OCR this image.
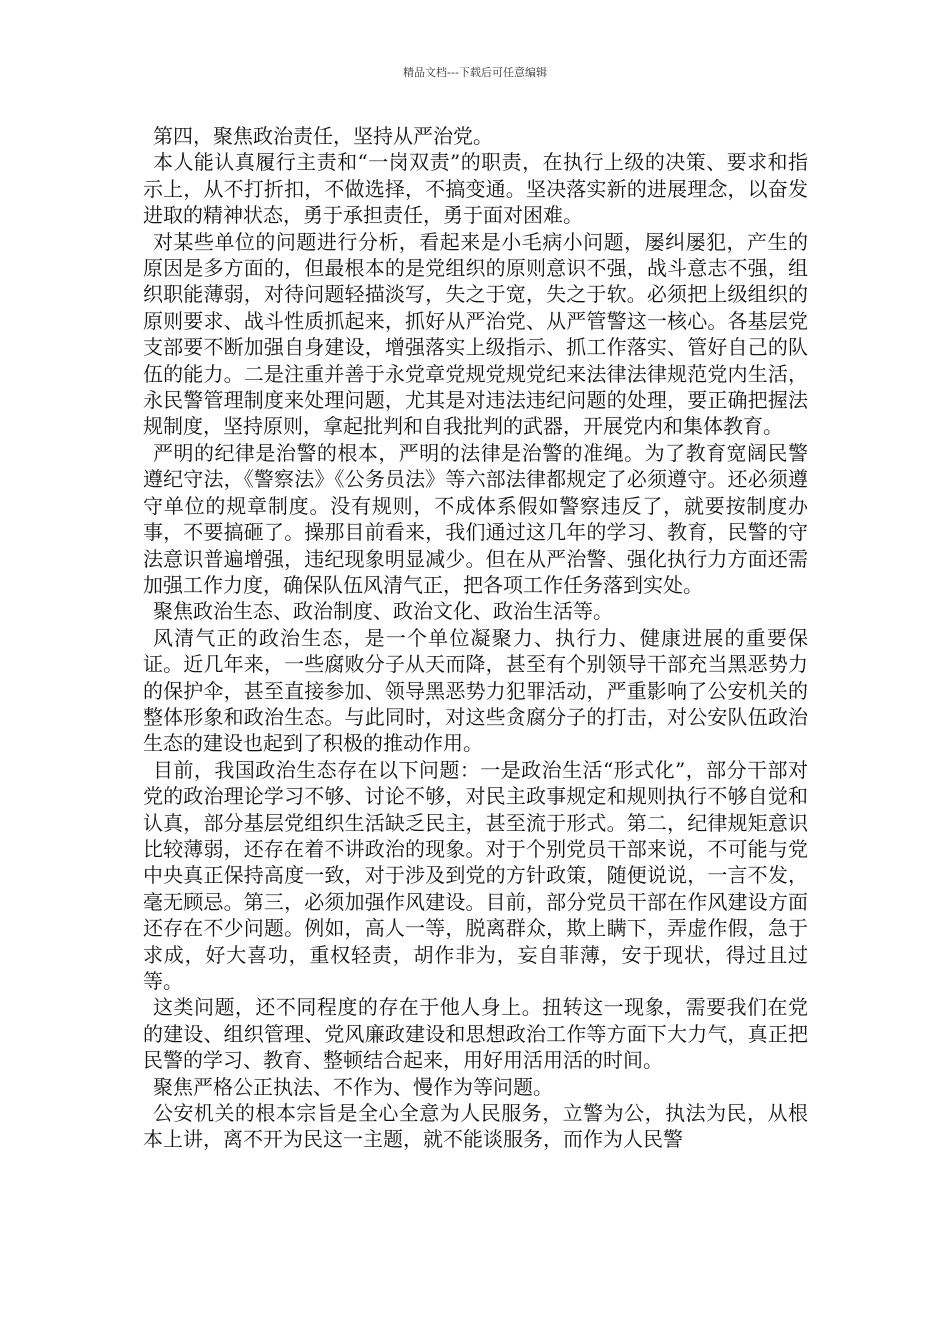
精品文档---下载后可任意编辑

第四，聚焦政治责任，坚持从严治党。

本人能认真履行主责和“一岗双责”的职责，在执行上级的决策、要求和指示上，从不打折扣，不做选择，不搞变通。坚决落实新的进展理念，以奋发进取的精神状态，勇于承担责任，勇于面对困难。

对某些单位的问题进行分析，看起来是小毛病小问题，屡纠屡犯，产生的原因是多方面的，但最根本的是党组织的原则意识不强，战斗意志不强，组织职能薄弱，对待问题轻描淡写，失之于宽，失之于软。必须把上级组织的原则要求、战斗性质抓起来，抓好从严治党、从严管警这一核心。各基层党支部要不断加强自身建设，增强落实上级指示、抓工作落实、管好自己的队伍的能力。二是注重并善于永党章党规党规党纪来法律法律规范党内生活，永民警管理制度来处理问题，尤其是对违法违纪问题的处理，要正确把握法规制度，坚持原则，拿起批判和自我批判的武器，开展党内和集体教育。

严明的纪律是治警的根本，严明的法律是治警的准绳。为了教育宽阔民警遵纪守法，《警察法》《公务员法》等六部法律都规定了必须遵守。还必须遵守单位的规章制度。没有规则，不成体系假如警察违反了，就要按制度办事，不要搞砸了。操那目前看来，我们通过这几年的学习、教育，民警的守法意识普遍增强，违纪现象明显减少。但在从严治警、强化执行力方面还需加强工作力度，确保队伍风清气正，把各项工作任务落到实处。

聚焦政治生态、政治制度、政治文化、政治生活等。

风清气正的政治生态，是一个单位凝聚力、执行力、健康进展的重要保证。近几年来，一些腐败分子从天而降，甚至有个别领导干部充当黑恶势力的保护伞，甚至直接参加、领导黑恶势力犯罪活动，严重影响了公安机关的整体形象和政治生态。与此同时，对这些贪腐分子的打击，对公安队伍政治生态的建设也起到了积极的推动作用。

目前，我国政治生态存在以下问题：一是政治生活“形式化”，部分干部对党的政治理论学习不够、讨论不够，对民主政事规定和规则执行不够自觉和认真，部分基层党组织生活缺乏民主，甚至流于形式。第二，纪律规矩意识比较薄弱，还存在着不讲政治的现象。对于个别党员干部来说，不可能与党中央真正保持高度一致，对于涉及到党的方针政策，随便说说，一言不发，毫无顾忌。第三，必须加强作风建设。目前，部分党员干部在作风建设方面还存在不少问题。例如，高人一等，脱离群众，欺上瞒下，弄虚作假，急于求成，好大喜功，重权轻责，胡作非为，妄自菲薄，安于现状，得过且过等。

这类问题，还不同程度的存在于他人身上。扭转这一现象，需要我们在党的建设、组织管理、党风廉政建设和思想政治工作等方面下大力气，真正把民警的学习、教育、整顿结合起来，用好用活用活的时间。

聚焦严格公正执法、不作为、慢作为等问题。

公安机关的根本宗旨是全心全意为人民服务，立警为公，执法为民，从根本上讲，离不开为民这一主题，就不能谈服务，而作为人民警
